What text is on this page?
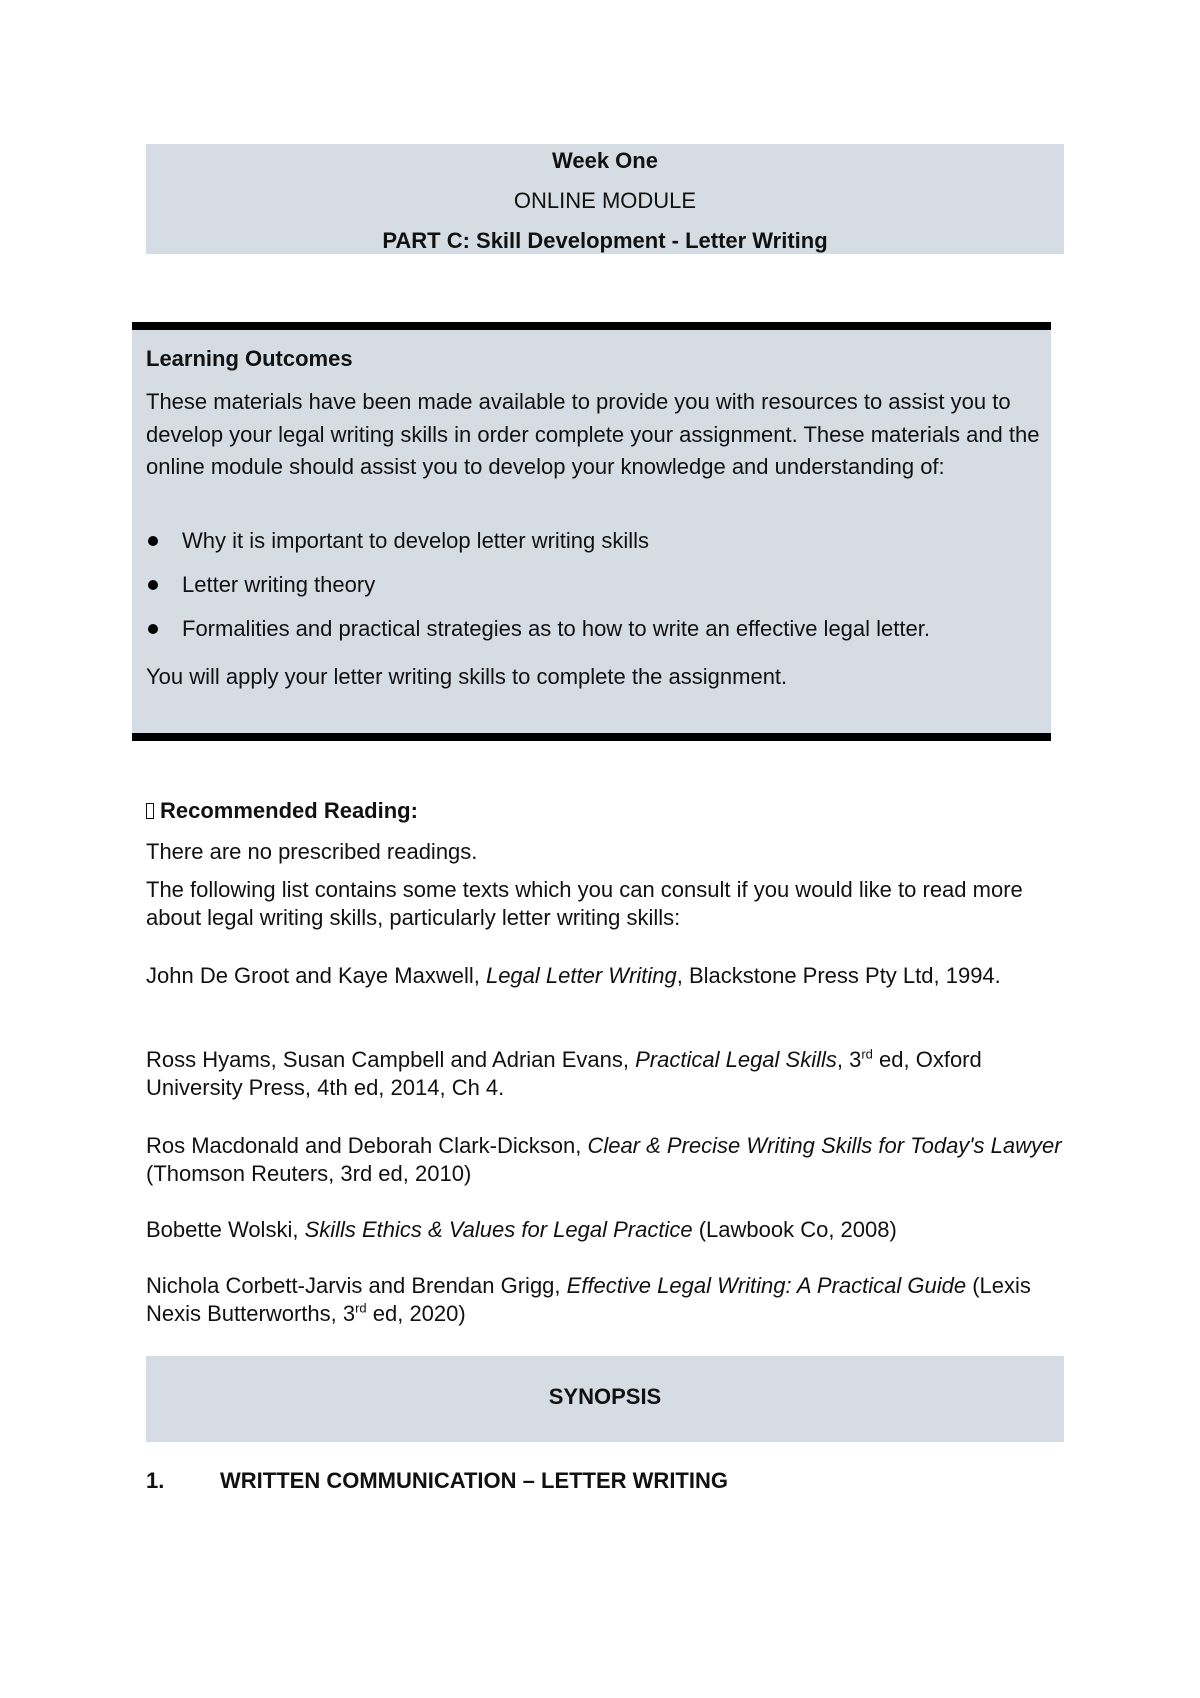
Week One
ONLINE MODULE
PART C: Skill Development - Letter Writing
Learning Outcomes

These materials have been made available to provide you with resources to assist you to develop your legal writing skills in order complete your assignment. These materials and the online module should assist you to develop your knowledge and understanding of:

Why it is important to develop letter writing skills
Letter writing theory
Formalities and practical strategies as to how to write an effective legal letter.

You will apply your letter writing skills to complete the assignment.

Recommended Reading:

There are no prescribed readings.

The following list contains some texts which you can consult if you would like to read more about legal writing skills, particularly letter writing skills:

John De Groot and Kaye Maxwell, Legal Letter Writing, Blackstone Press Pty Ltd, 1994.

Ross Hyams, Susan Campbell and Adrian Evans, Practical Legal Skills, 3rd ed, Oxford University Press, 4th ed, 2014, Ch 4.

Ros Macdonald and Deborah Clark-Dickson, Clear & Precise Writing Skills for Today's Lawyer (Thomson Reuters, 3rd ed, 2010)

Bobette Wolski, Skills Ethics & Values for Legal Practice (Lawbook Co, 2008)

Nichola Corbett-Jarvis and Brendan Grigg, Effective Legal Writing: A Practical Guide (Lexis Nexis Butterworths, 3rd ed, 2020)

SYNOPSIS
1.	WRITTEN COMMUNICATION – LETTER WRITING
